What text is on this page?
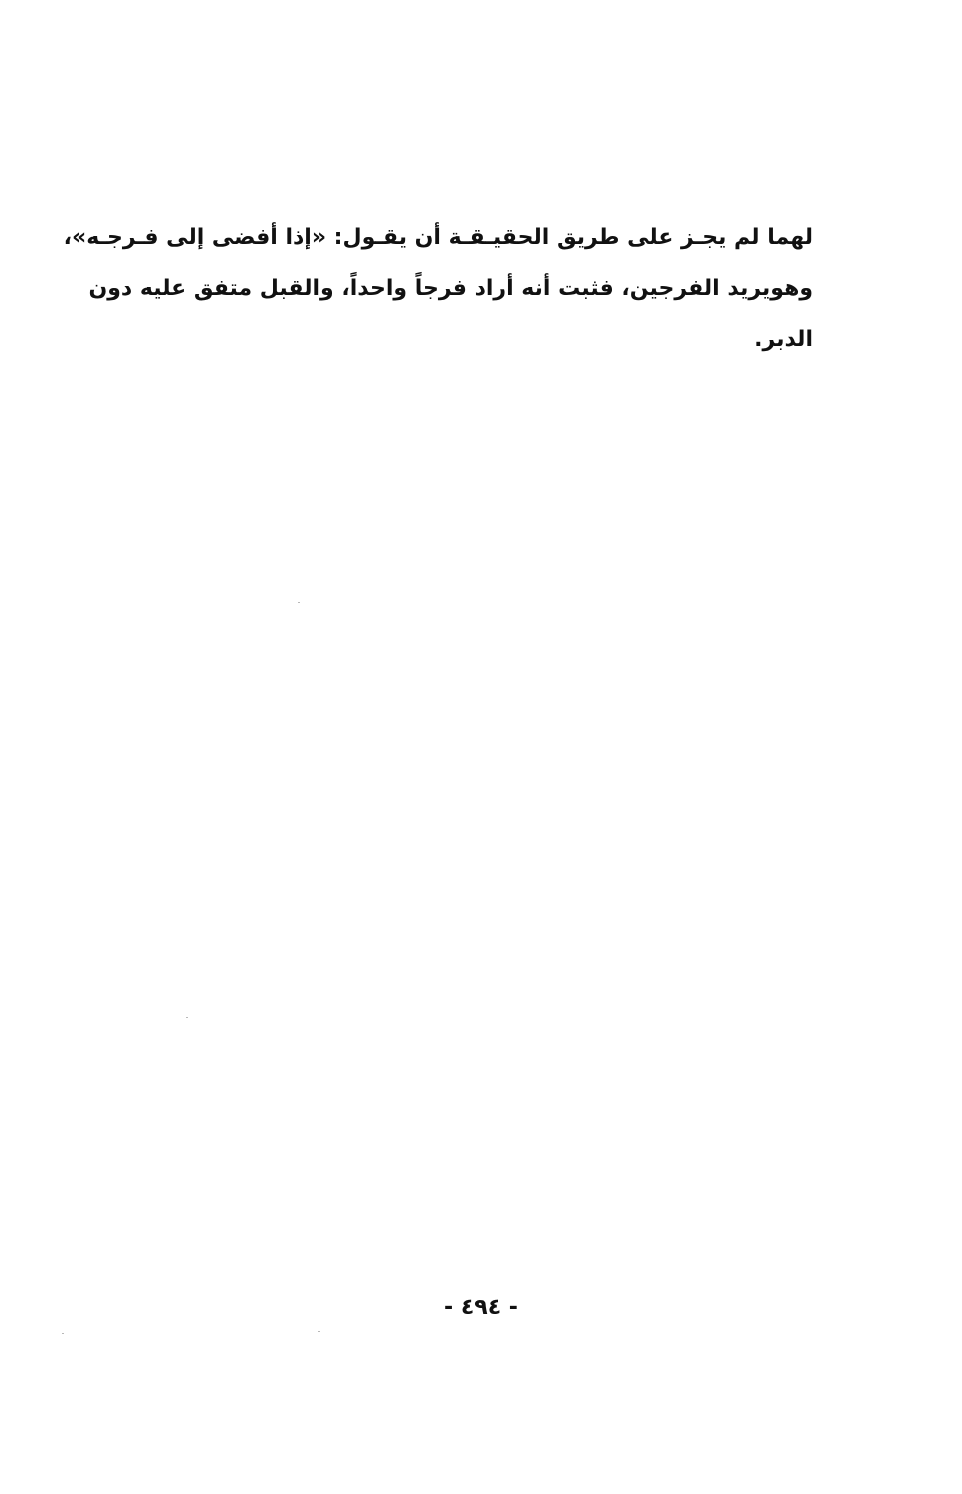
لهما لم يجـز على طريق الحقيـقـة أن يقـول: «إذا أفضى إلى فـرجـه»،
وهويريد الفرجين، فثبت أنه أراد فرجاً واحداً، والقبل متفق عليه دون
الدبر.
- ٤٩٤ -
